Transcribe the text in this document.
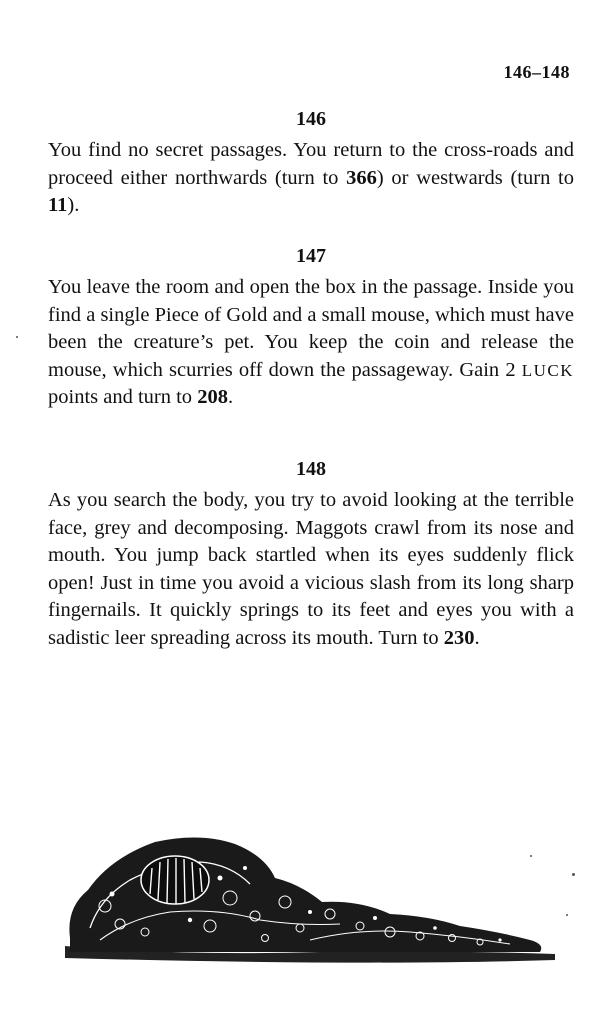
146–148
146

You find no secret passages. You return to the cross-roads and proceed either northwards (turn to 366) or westwards (turn to 11).

147

You leave the room and open the box in the passage. Inside you find a single Piece of Gold and a small mouse, which must have been the creature’s pet. You keep the coin and release the mouse, which scurries off down the passageway. Gain 2 LUCK points and turn to 208.

148

As you search the body, you try to avoid looking at the terrible face, grey and decomposing. Maggots crawl from its nose and mouth. You jump back startled when its eyes suddenly flick open! Just in time you avoid a vicious slash from its long sharp fingernails. It quickly springs to its feet and eyes you with a sadistic leer spreading across its mouth. Turn to 230.
